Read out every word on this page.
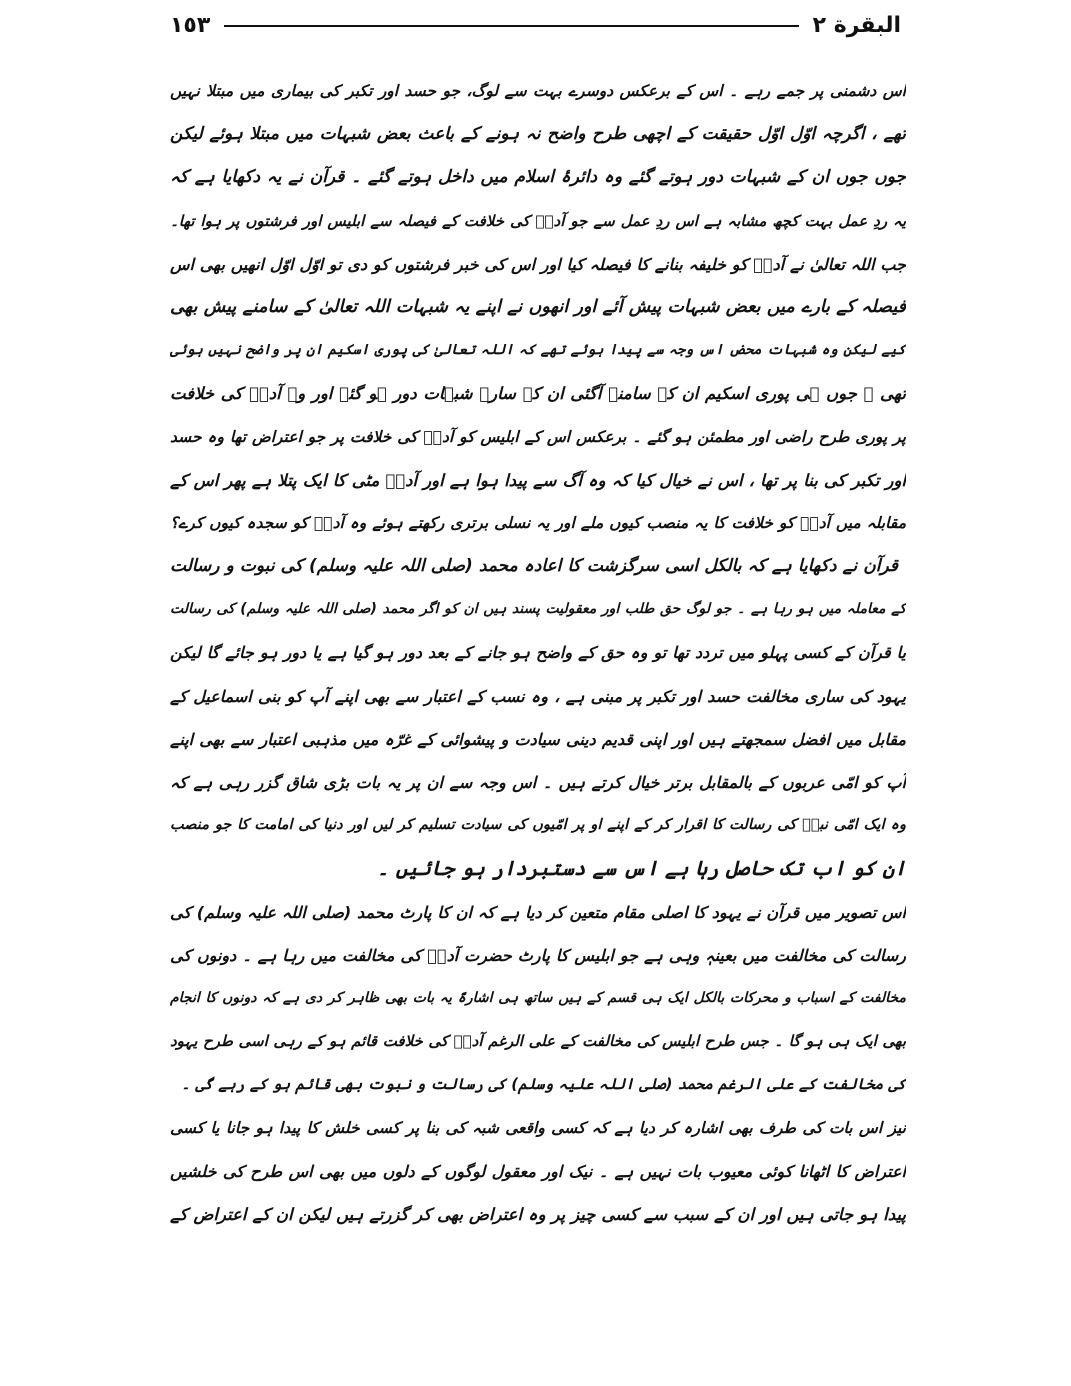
البقرة ٢
١٥٣
اس دشمنی پر جمے رہے ۔ اس کے برعکس دوسرے بہت سے لوگ، جو حسد اور تکبر کی بیماری میں مبتلا نہیں
تھے ، اگرچہ اوّل اوّل حقیقت کے اچھی طرح واضح نہ ہونے کے باعث بعض شبہات میں مبتلا ہوئے لیکن
جوں جوں ان کے شبہات دور ہوتے گئے وہ دائرۂ اسلام میں داخل ہوتے گئے ۔ قرآن نے یہ دکھایا ہے کہ
یہ ردِ عمل بہت کچھ مشابہ ہے اس ردِ عمل سے جو آدمؑ کی خلافت کے فیصلہ سے ابلیس اور فرشتوں پر ہوا تھا۔
جب اللہ تعالیٰ نے آدمؑ کو خلیفہ بنانے کا فیصلہ کیا اور اس کی خبر فرشتوں کو دی تو اوّل اوّل انھیں بھی اس
فیصلہ کے بارے میں بعض شبہات پیش آئے اور انھوں نے اپنے یہ شبہات اللہ تعالیٰ کے سامنے پیش بھی
کیے لیکن وہ شبہات محض اس وجہ سے پیدا ہوئے تھے کہ اللہ تعالیٰ کی پوری اسکیم ان پر واضح نہیں ہوئی
تھی ۔ جوں ہی پوری اسکیم ان کے سامنے آگئی ان کے سارے شبہات دور ہو گئے اور وہ آدمؑ کی خلافت
پر پوری طرح راضی اور مطمئن ہو گئے ۔ برعکس اس کے ابلیس کو آدمؑ کی خلافت پر جو اعتراض تھا وہ حسد
اور تکبر کی بنا پر تھا ، اس نے خیال کیا کہ وہ آگ سے پیدا ہوا ہے اور آدمؑ مٹی کا ایک پتلا ہے پھر اس کے
مقابلہ میں آدمؑ کو خلافت کا یہ منصب کیوں ملے اور یہ نسلی برتری رکھتے ہوئے وہ آدمؑ کو سجدہ کیوں کرے؟
قرآن نے دکھایا ہے کہ بالکل اسی سرگزشت کا اعادہ محمد (صلی اللہ علیہ وسلم) کی نبوت و رسالت
کے معاملہ میں ہو رہا ہے ۔ جو لوگ حق طلب اور معقولیت پسند ہیں ان کو اگر محمد (صلی اللہ علیہ وسلم) کی رسالت
یا قرآن کے کسی پہلو میں تردد تھا تو وہ حق کے واضح ہو جانے کے بعد دور ہو گیا ہے یا دور ہو جائے گا لیکن
یہود کی ساری مخالفت حسد اور تکبر پر مبنی ہے ، وہ نسب کے اعتبار سے بھی اپنے آپ کو بنی اسماعیل کے
مقابل میں افضل سمجھتے ہیں اور اپنی قدیم دینی سیادت و پیشوائی کے غرّہ میں مذہبی اعتبار سے بھی اپنے
آپ کو امّی عربوں کے بالمقابل برتر خیال کرتے ہیں ۔ اس وجہ سے ان پر یہ بات بڑی شاق گزر رہی ہے کہ
وہ ایک امّی نبیؐ کی رسالت کا اقرار کر کے اپنے او پر امّیوں کی سیادت تسلیم کر لیں اور دنیا کی امامت کا جو منصب
ان کو اب تک حاصل رہا ہے اس سے دستبردار ہو جائیں ۔
اس تصویر میں قرآن نے یہود کا اصلی مقام متعین کر دیا ہے کہ ان کا پارٹ محمد (صلی اللہ علیہ وسلم) کی
رسالت کی مخالفت میں بعینہٖ وہی ہے جو ابلیس کا پارٹ حضرت آدمؑ کی مخالفت میں رہا ہے ۔ دونوں کی
مخالفت کے اسباب و محرکات بالکل ایک ہی قسم کے ہیں ساتھ ہی اشارۃً یہ بات بھی ظاہر کر دی ہے کہ دونوں کا انجام
بھی ایک ہی ہو گا ۔ جس طرح ابلیس کی مخالفت کے علی الرغم آدمؑ کی خلافت قائم ہو کے رہی اسی طرح یہود
کی مخالفت کے علی الرغم محمد (صلی اللہ علیہ وسلم) کی رسالت و نبوت بھی قائم ہو کے رہے گی ۔
نیز اس بات کی طرف بھی اشارہ کر دیا ہے کہ کسی واقعی شبہ کی بنا پر کسی خلش کا پیدا ہو جانا یا کسی
اعتراض کا اٹھانا کوئی معیوب بات نہیں ہے ۔ نیک اور معقول لوگوں کے دلوں میں بھی اس طرح کی خلشیں
پیدا ہو جاتی ہیں اور ان کے سبب سے کسی چیز پر وہ اعتراض بھی کر گزرتے ہیں لیکن ان کے اعتراض کے
